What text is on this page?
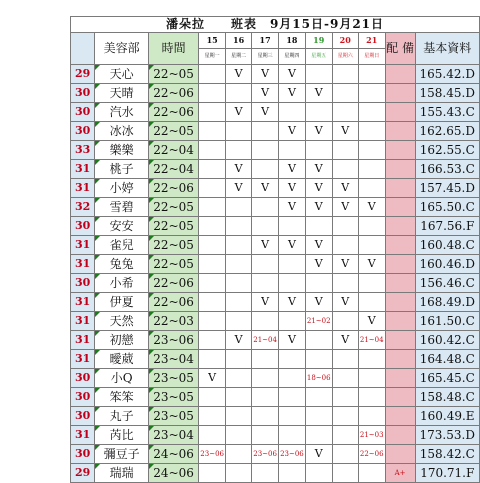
潘朵拉　　班表　9月15日-9月21日											
	美容部	時間	15	16	17	18	19	20	21	配 備	基本資料
			星期一	星期二	星期三	星期四	星期五	星期六	星期日		
29	天心	22~05		V	V	V					165.42.D
30	天晴	22~06			V	V	V				158.45.D
30	汽水	22~06		V	V						155.43.C
30	冰冰	22~05				V	V	V			162.65.D
33	樂樂	22~04									162.55.C
31	桃子	22~04		V		V	V				166.53.C
31	小婷	22~06		V	V	V	V	V			157.45.D
32	雪碧	22~05				V	V	V	V		165.50.C
30	安安	22~05									167.56.F
31	雀兒	22~05			V	V	V				160.48.C
31	兔兔	22~05					V	V	V		160.46.D
30	小希	22~06									156.46.C
31	伊夏	22~06			V	V	V	V			168.49.D
31	天然	22~03					21~02		V		161.50.C
31	初戀	23~06		V	21~04	V		V	21~04		160.42.C
31	曖葳	23~04									164.48.C
30	小Q	23~05	V				18~06				165.45.C
30	笨笨	23~05									158.48.C
30	丸子	23~05									160.49.E
31	芮比	23~04							21~03		173.53.D
30	彌豆子	24~06	23~06		23~06	23~06	V		22~06		158.42.C
29	瑞瑞	24~06								A+	170.71.F
